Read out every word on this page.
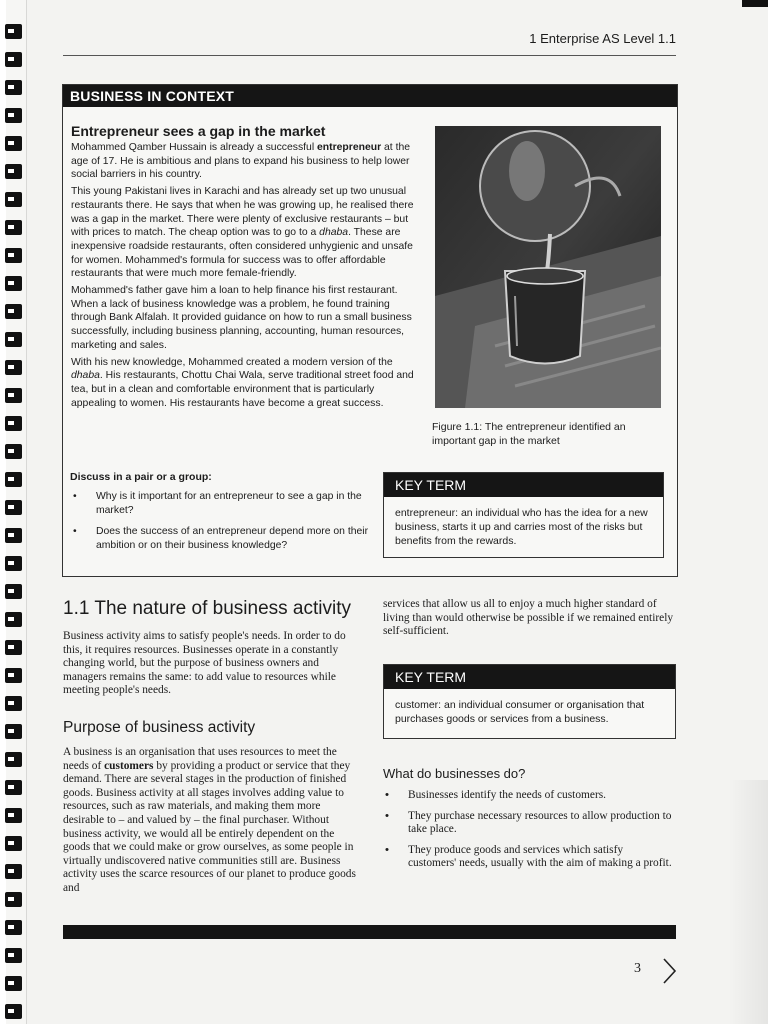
1 Enterprise AS Level 1.1
BUSINESS IN CONTEXT
Entrepreneur sees a gap in the market

Mohammed Qamber Hussain is already a successful entrepreneur at the age of 17. He is ambitious and plans to expand his business to help lower social barriers in his country.

This young Pakistani lives in Karachi and has already set up two unusual restaurants there. He says that when he was growing up, he realised there was a gap in the market. There were plenty of exclusive restaurants – but with prices to match. The cheap option was to go to a dhaba. These are inexpensive roadside restaurants, often considered unhygienic and unsafe for women. Mohammed's formula for success was to offer affordable restaurants that were much more female-friendly.

Mohammed's father gave him a loan to help finance his first restaurant. When a lack of business knowledge was a problem, he found training through Bank Alfalah. It provided guidance on how to run a small business successfully, including business planning, accounting, human resources, marketing and sales.

With his new knowledge, Mohammed created a modern version of the dhaba. His restaurants, Chottu Chai Wala, serve traditional street food and tea, but in a clean and comfortable environment that is particularly appealing to women. His restaurants have become a great success.

Figure 1.1: The entrepreneur identified an important gap in the market
Discuss in a pair or a group:
• Why is it important for an entrepreneur to see a gap in the market?
• Does the success of an entrepreneur depend more on their ambition or on their business knowledge?
KEY TERM
entrepreneur: an individual who has the idea for a new business, starts it up and carries most of the risks but benefits from the rewards.
1.1 The nature of business activity
Business activity aims to satisfy people's needs. In order to do this, it requires resources. Businesses operate in a constantly changing world, but the purpose of business owners and managers remains the same: to add value to resources while meeting people's needs.
Purpose of business activity
A business is an organisation that uses resources to meet the needs of customers by providing a product or service that they demand. There are several stages in the production of finished goods. Business activity at all stages involves adding value to resources, such as raw materials, and making them more desirable to – and valued by – the final purchaser. Without business activity, we would all be entirely dependent on the goods that we could make or grow ourselves, as some people in virtually undiscovered native communities still are. Business activity uses the scarce resources of our planet to produce goods and
services that allow us all to enjoy a much higher standard of living than would otherwise be possible if we remained entirely self-sufficient.
KEY TERM
customer: an individual consumer or organisation that purchases goods or services from a business.
What do businesses do?
• Businesses identify the needs of customers.
• They purchase necessary resources to allow production to take place.
• They produce goods and services which satisfy customers' needs, usually with the aim of making a profit.
3
